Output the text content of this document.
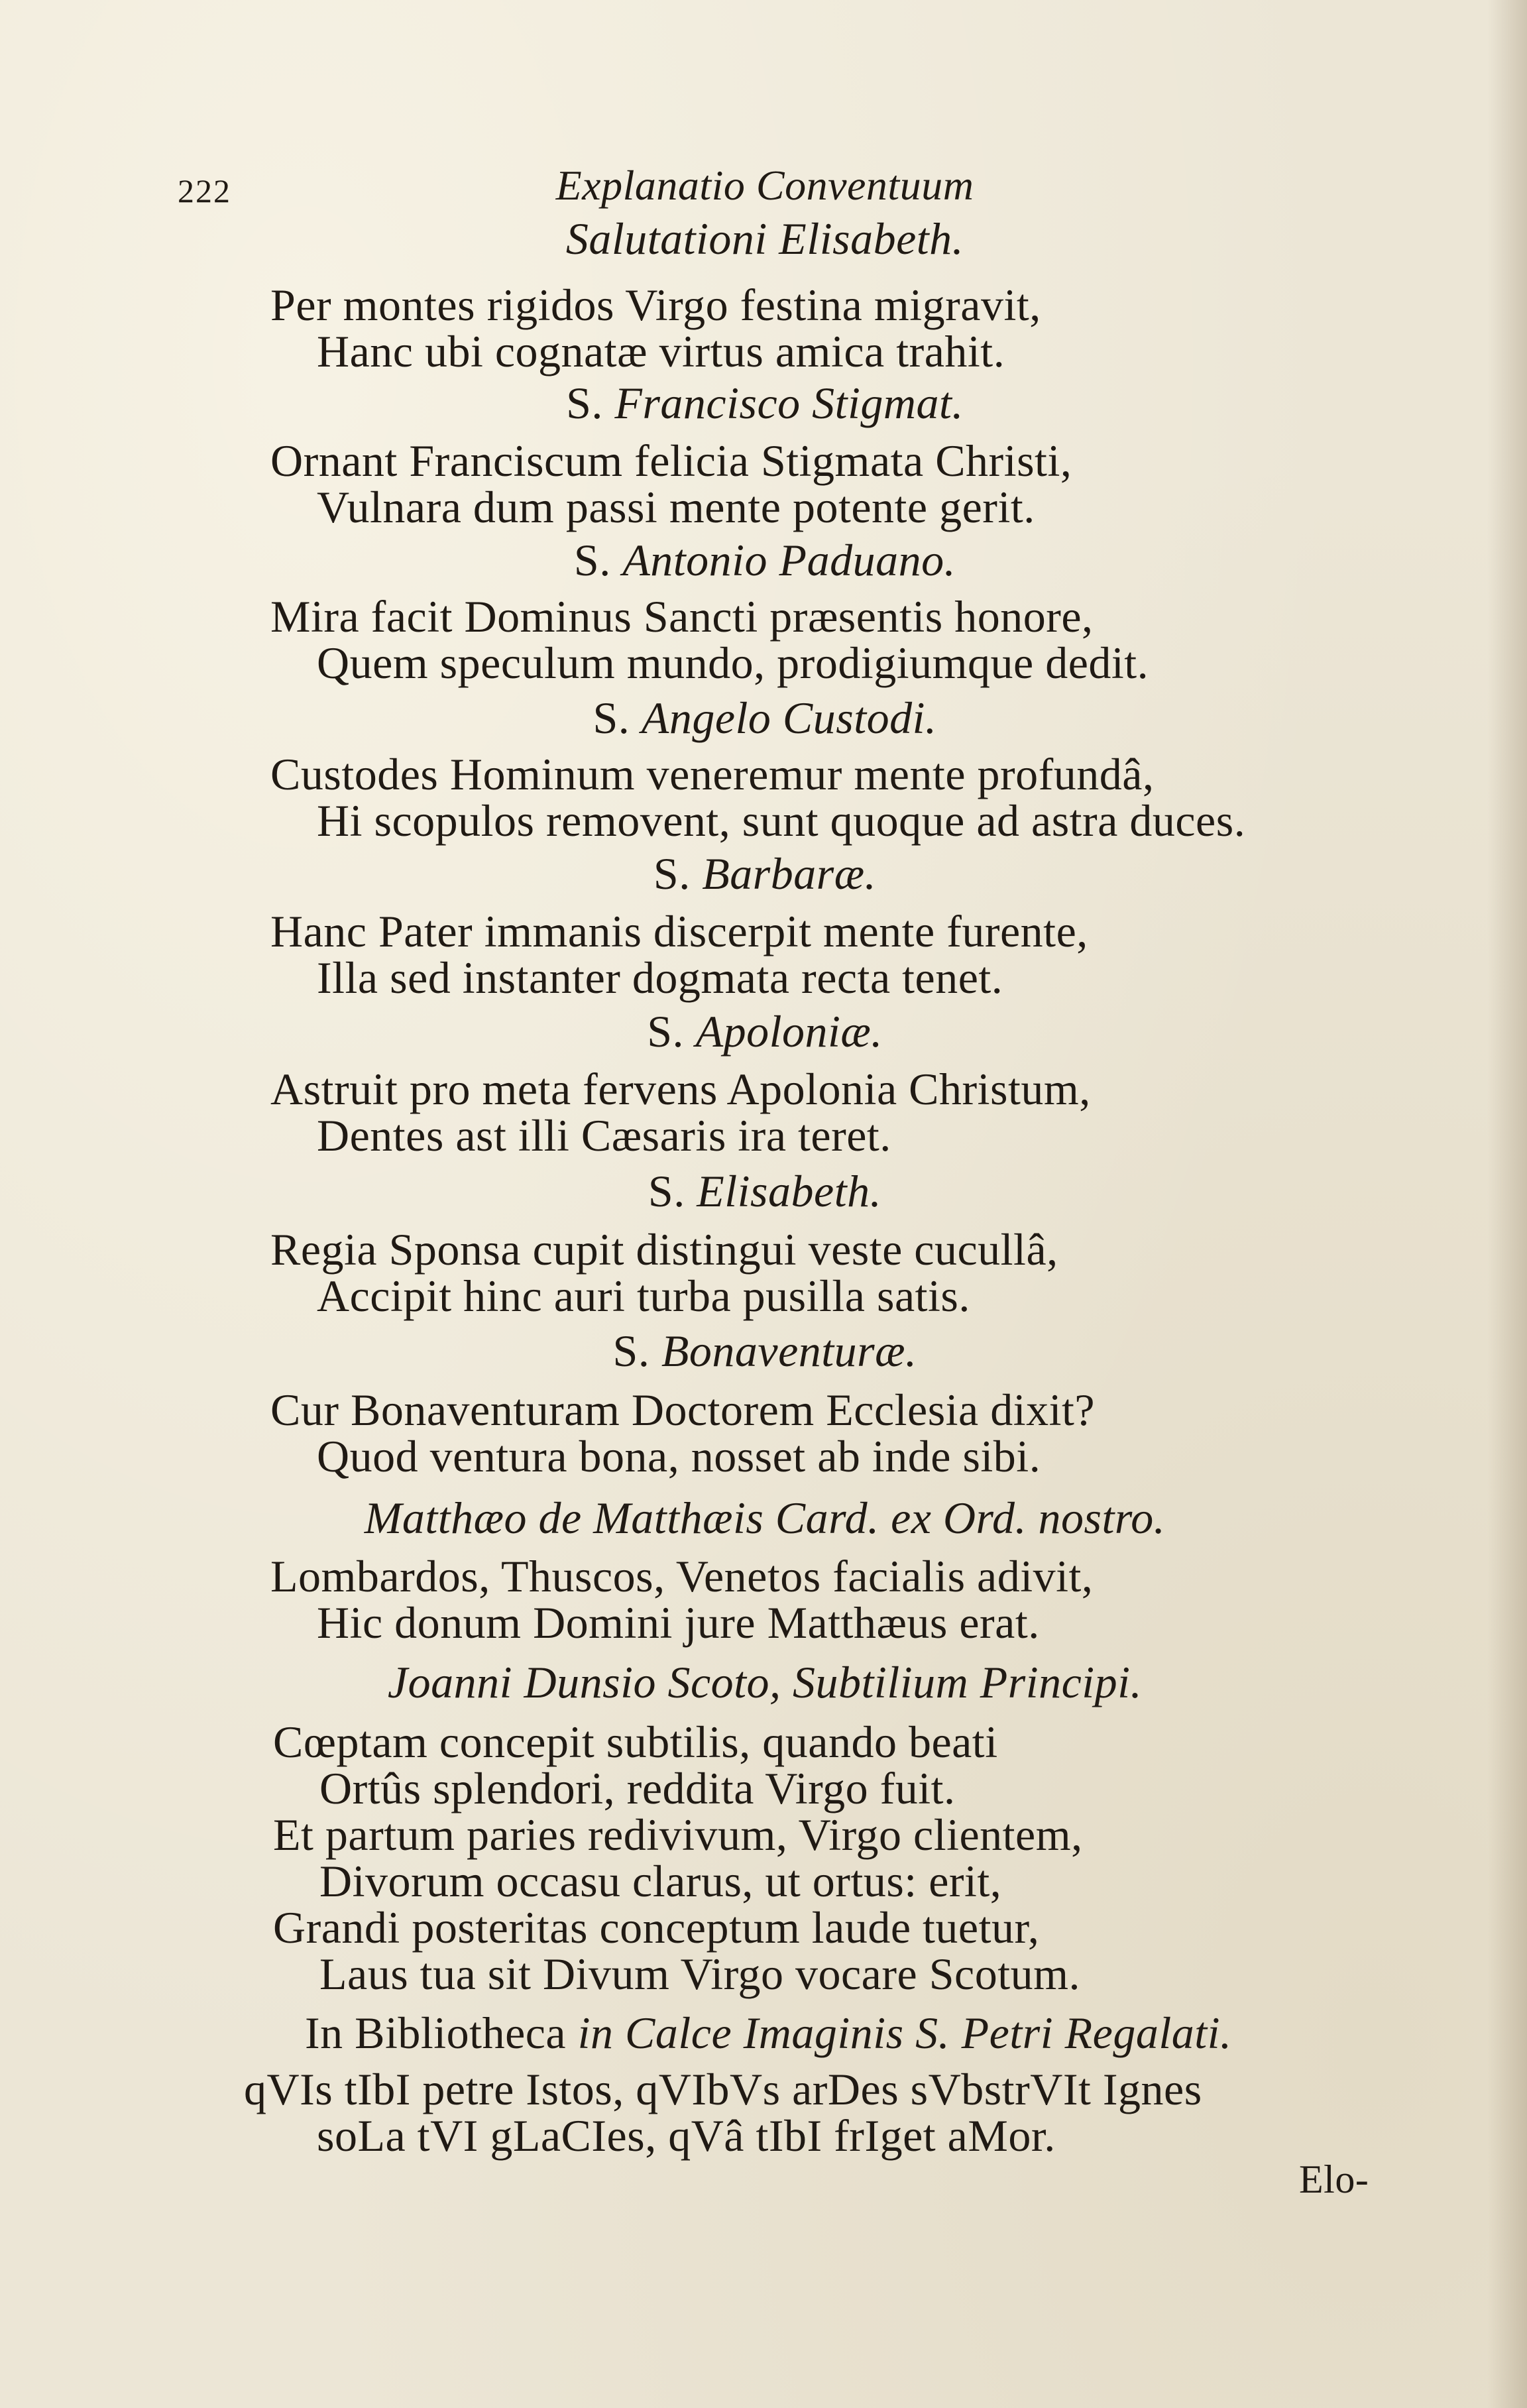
222	Explanatio Conventuum
Salutationi Elisabeth.
Per montes rigidos Virgo festina migravit,
Hanc ubi cognatæ virtus amica trahit.
S. Francisco Stigmat.
Ornant Franciscum felicia Stigmata Christi,
Vulnara dum passi mente potente gerit.
S. Antonio Paduano.
Mira facit Dominus Sancti præsentis honore,
Quem speculum mundo, prodigiumque dedit.
S. Angelo Custodi.
Custodes Hominum veneremur mente profundâ,
Hi scopulos removent, sunt quoque ad astra duces.
S. Barbaræ.
Hanc Pater immanis discerpit mente furente,
Illa sed instanter dogmata recta tenet.
S. Apoloniæ.
Astruit pro meta fervens Apolonia Christum,
Dentes ast illi Cæsaris ira teret.
S. Elisabeth.
Regia Sponsa cupit distingui veste cucullâ,
Accipit hinc auri turba pusilla satis.
S. Bonaventuræ.
Cur Bonaventuram Doctorem Ecclesia dixit?
Quod ventura bona, nosset ab inde sibi.
Matthæo de Matthæis Card. ex Ord. nostro.
Lombardos, Thuscos, Venetos facialis adivit,
Hic donum Domini jure Matthæus erat.
Joanni Dunsio Scoto, Subtilium Principi.
Cœptam concepit subtilis, quando beati
Ortûs splendori, reddita Virgo fuit.
Et partum paries redivivum, Virgo clientem,
Divorum occasu clarus, ut ortus: erit,
Grandi posteritas conceptum laude tuetur,
Laus tua sit Divum Virgo vocare Scotum.
In Bibliotheca in Calce Imaginis S. Petri Regalati.
qVIs tIbI petre Istos, qVIbVs arDes sVbstrVIt Ignes
soLa tVI gLaCIes, qVâ tIbI frIget aMor.
Elo-
